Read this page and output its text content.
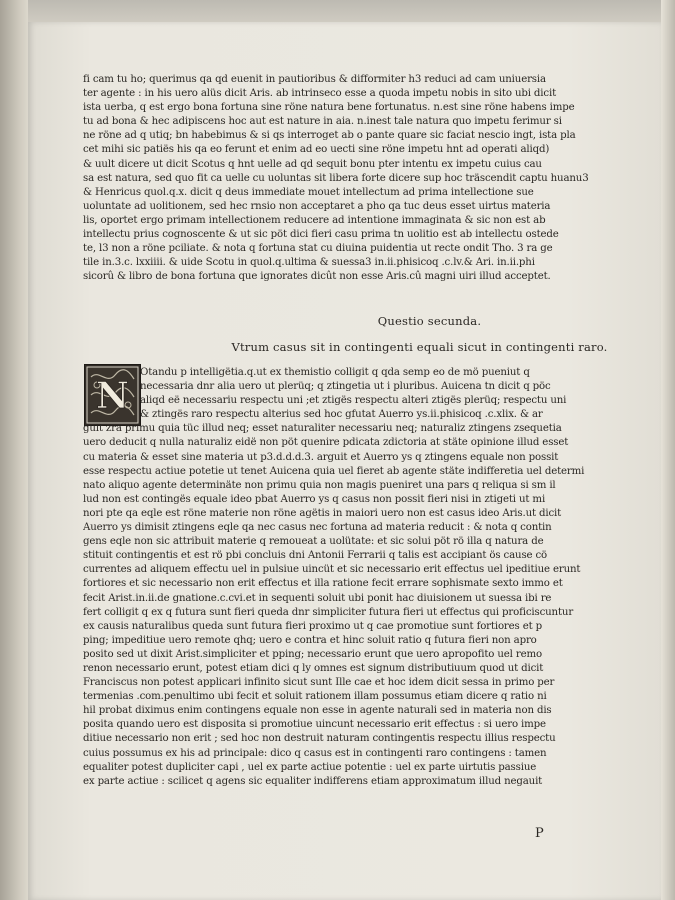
fi cam tu ho; querimus qa qd euenit in pautioribus & difformiter h3 reduci ad cam uniuersia
ter agente : in his uero alüs dicit Aris. ab intrinseco esse a quoda impetu nobis in sito ubi dicit
ista uerba, q est ergo bona fortuna sine röne natura bene fortunatus. n.est sine röne habens impe
tu ad bona & hec adipiscens hoc aut est nature in aia. n.inest tale natura quo impetu ferimur si
ne röne ad q utiq; bn habebimus & si qs interroget ab o pante quare sic faciat nescio ingt, ista pla
cet mihi sic patiës his qa eo ferunt et enim ad eo uecti sine röne impetu hnt ad operati aliqd)
& uult dicere ut dicit Scotus q hnt uelle ad qd sequit bonu pter intentu ex impetu cuius cau
sa est natura, sed quo fit ca uelle cu uoluntas sit libera forte dicere sup hoc träscendit captu huanu3
& Henricus quol.q.x. dicit q deus immediate mouet intellectum ad prima intellectione sue
uoluntate ad uolitionem, sed hec rnsio non acceptaret a pho qa tuc deus esset uirtus materia
lis, oportet ergo primam intellectionem reducere ad intentione immaginata & sic non est ab
intellectu prius cognoscente & ut sic pöt dici fieri casu prima tn uolitio est ab intellectu ostede
te, l3 non a röne pciliate. & nota q fortuna stat cu diuina puidentia ut recte ondit Tho. 3 ra ge
tile in.3.c. lxxiiii. & uide Scotu in quol.q.ultima & suessa3 in.ii.phisicoq .c.lv.& Ari. in.ii.phi
sicorû & libro de bona fortuna que ignorates dicût non esse Aris.cû magni uiri illud acceptet.
Questio secunda.
Vtrum casus sit in contingenti equali sicut in contingenti raro.
N
Otandu p intelligëtia.q.ut ex themistio colligit q qda semp eo de mö pueniut q
necessaria dnr alia uero ut plerüq; q ztingetia ut i pluribus. Auicena tn dicit q pöc
aliqd eë necessariu respectu uni ;et ztigës respectu alteri ztigës plerüq; respectu uni
& ztingës raro respectu alterius sed hoc gfutat Auerro ys.ii.phisicoq .c.xlix. & ar
guit zra primu quia tüc illud neq; esset naturaliter necessariu neq; naturaliz ztingens zsequetia
uero deducit q nulla naturaliz eidë non pöt quenire pdicata zdictoria at stäte opinione illud esset
cu materia & esset sine materia ut p3.d.d.d.3. arguit et Auerro ys q ztingens equale non possit
esse respectu actiue potetie ut tenet Auicena quia uel fieret ab agente stäte indifferetia uel determi
nato aliquo agente determinäte non primu quia non magis pueniret una pars q reliqua si sm il
lud non est contingës equale ideo pbat Auerro ys q casus non possit fieri nisi in ztigeti ut mi
nori pte qa eqle est röne materie non röne agëtis in maiori uero non est casus ideo Aris.ut dicit
Auerro ys dimisit ztingens eqle qa nec casus nec fortuna ad materia reducit : & nota q contin
gens eqle non sic attribuit materie q remoueat a uolütate: et sic solui pöt rö illa q natura de
stituit contingentis et est rö pbi concluis dni Antonii Ferrarii q talis est accipiant ös cause cö
currentes ad aliquem effectu uel in pulsiue uincüt et sic necessario erit effectus uel ipeditiue erunt
fortiores et sic necessario non erit effectus et illa ratione fecit errare sophismate sexto immo et
fecit Arist.in.ii.de gnatione.c.cvi.et in sequenti soluit ubi ponit hac diuisionem ut suessa ibi re
fert colligit q ex q futura sunt fieri queda dnr simpliciter futura fieri ut effectus qui proficiscuntur
ex causis naturalibus queda sunt futura fieri proximo ut q cae promotiue sunt fortiores et p
ping; impeditiue uero remote qhq; uero e contra et hinc soluit ratio q futura fieri non apro
posito sed ut dixit Arist.simpliciter et pping; necessario erunt que uero apropofito uel remo
renon necessario erunt, potest etiam dici q ly omnes est signum distributiuum quod ut dicit
Franciscus non potest applicari infinito sicut sunt Ille cae et hoc idem dicit sessa in primo per
termenias .com.penultimo ubi fecit et soluit rationem illam possumus etiam dicere q ratio ni
hil probat diximus enim contingens equale non esse in agente naturali sed in materia non dis
posita quando uero est disposita si promotiue uincunt necessario erit effectus : si uero impe
ditiue necessario non erit ; sed hoc non destruit naturam contingentis respectu illius respectu
cuius possumus ex his ad principale: dico q casus est in contingenti raro contingens : tamen
equaliter potest dupliciter capi , uel ex parte actiue potentie : uel ex parte uirtutis passiue
ex parte actiue : scilicet q agens sic equaliter indifferens etiam approximatum illud negauit
P
